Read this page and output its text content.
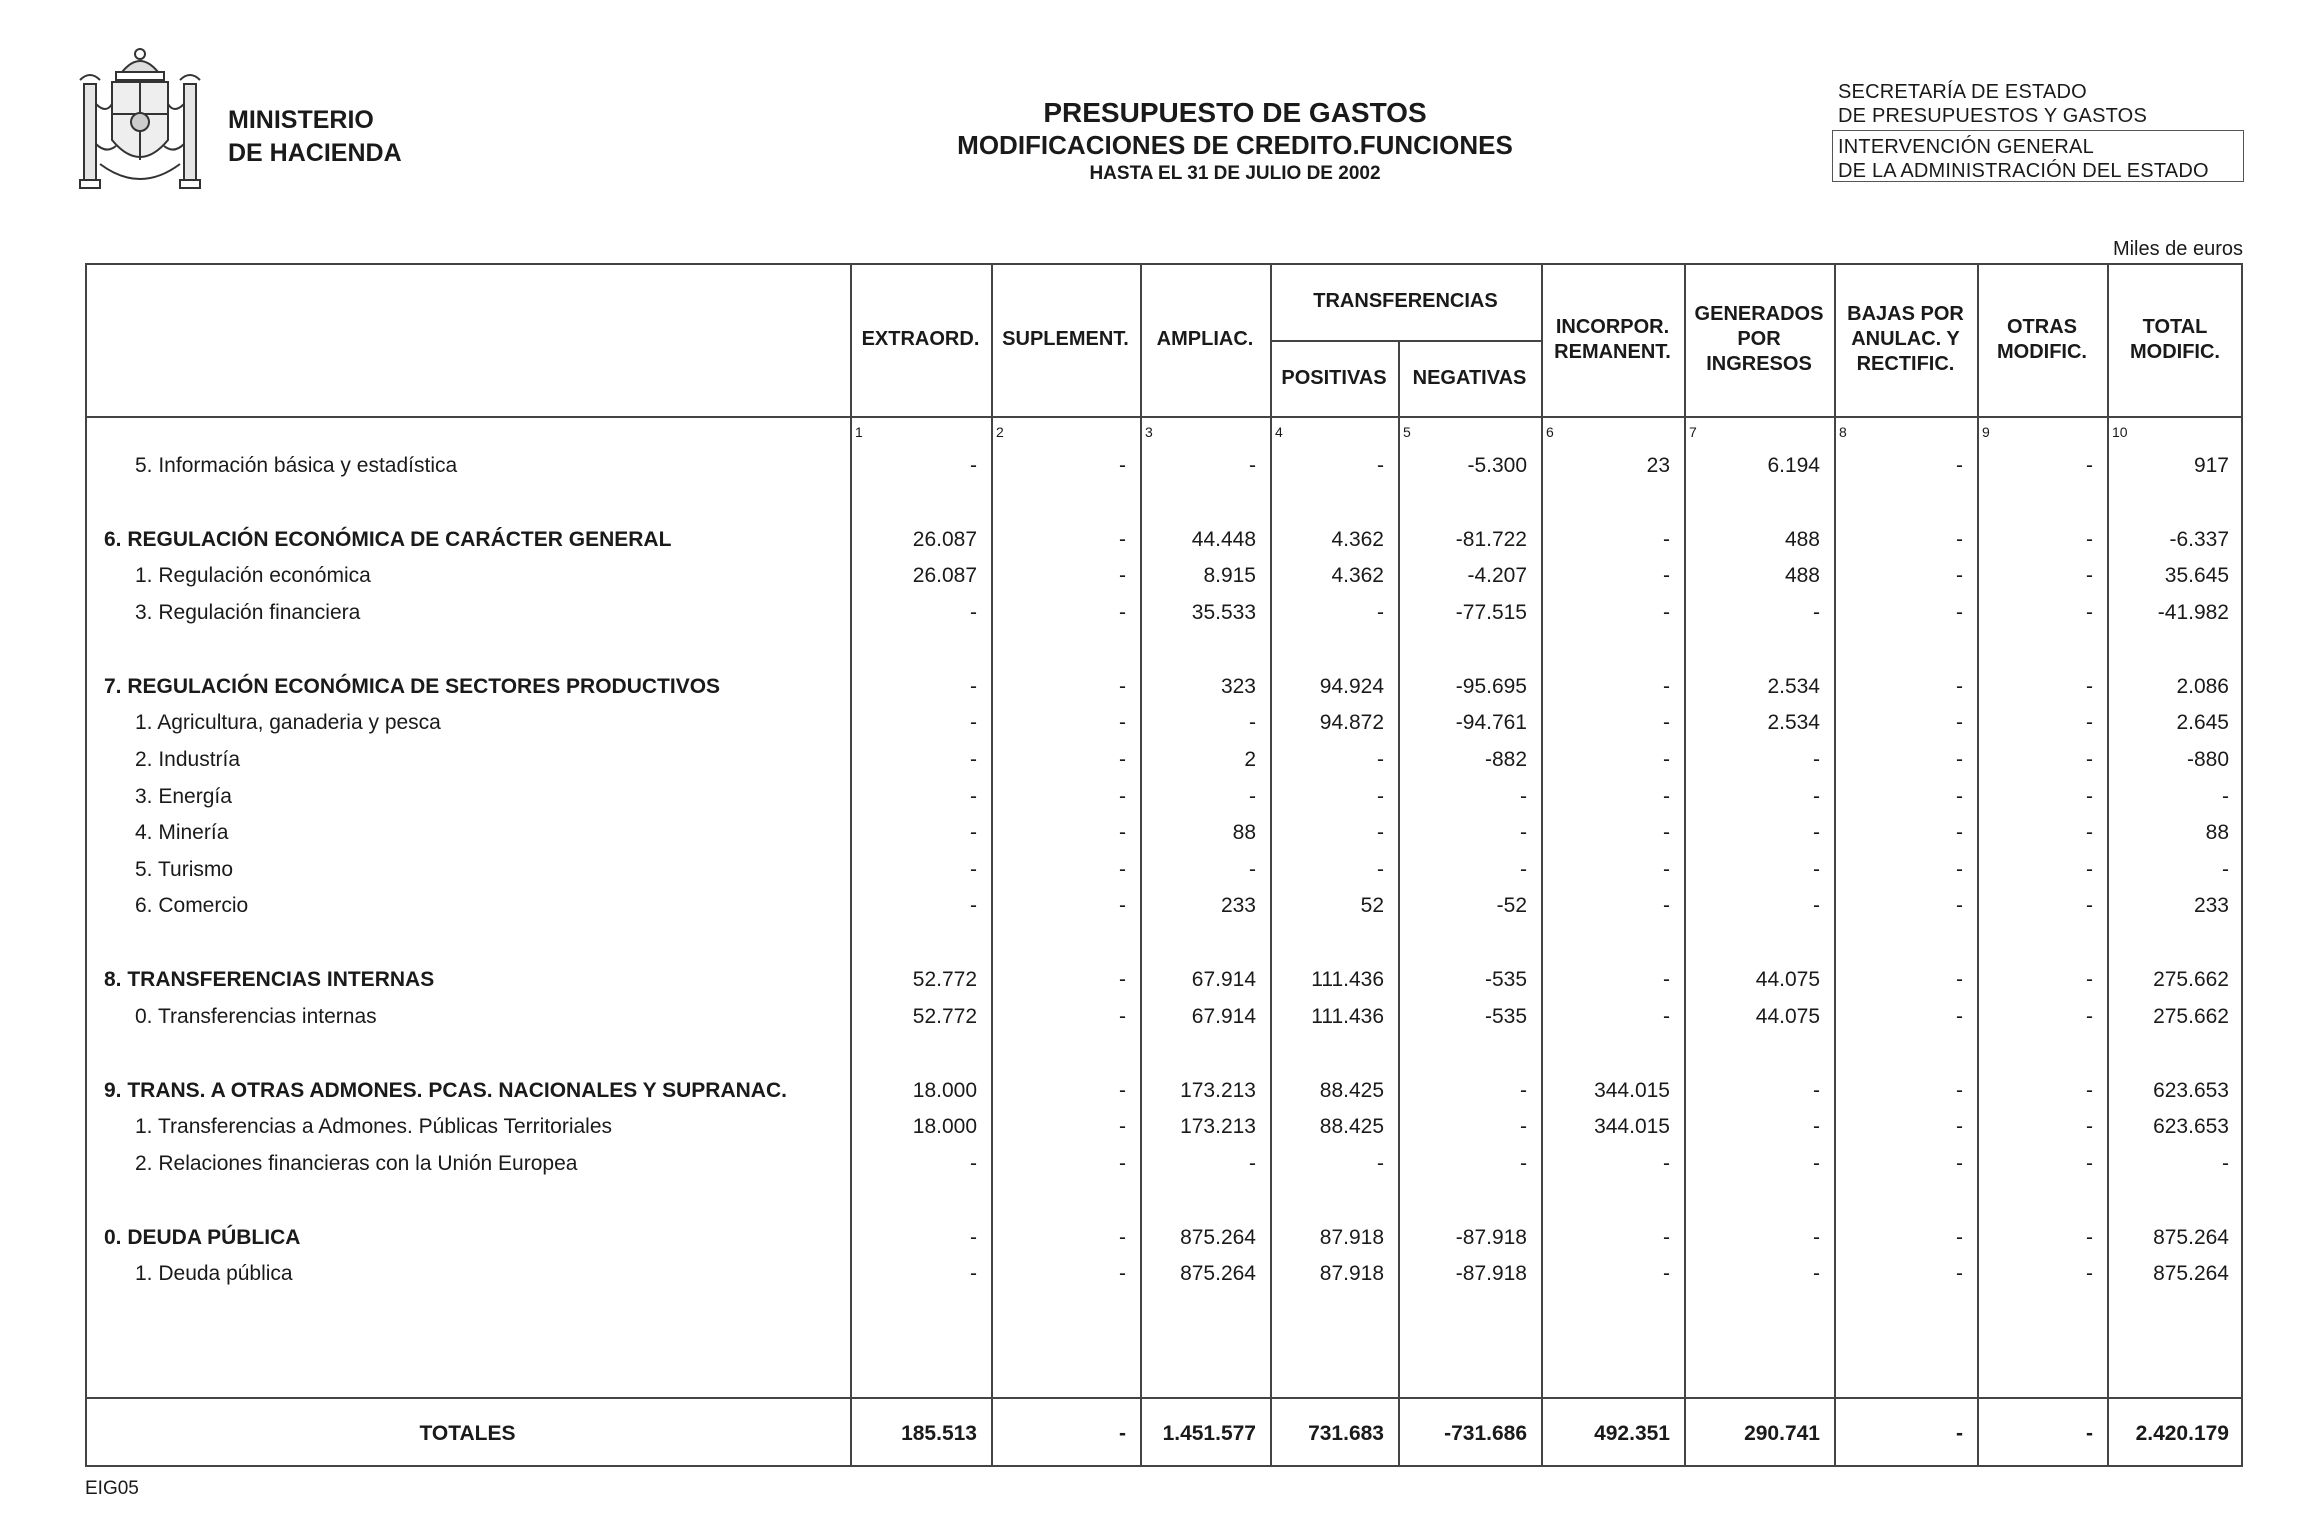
MINISTERIO
DE HACIENDA
PRESUPUESTO DE GASTOS
MODIFICACIONES DE CREDITO.FUNCIONES
HASTA EL 31 DE JULIO DE 2002
SECRETARÍA DE ESTADO
DE PRESUPUESTOS Y GASTOS
INTERVENCIÓN GENERAL
DE LA ADMINISTRACIÓN DEL ESTADO
Miles de euros
TRANSFERENCIAS
EXTRAORD.
1
SUPLEMENT.
2
AMPLIAC.
3
POSITIVAS
4
NEGATIVAS
5
INCORPOR.
REMANENT.
6
GENERADOS
POR
INGRESOS
7
BAJAS POR
ANULAC. Y
RECTIFIC.
8
OTRAS
MODIFIC.
9
TOTAL
MODIFIC.
10
5. Información básica y estadística	-	-	-	-	-5.300	23	6.194	-	-	917
6. REGULACIÓN ECONÓMICA DE CARÁCTER GENERAL	26.087	-	44.448	4.362	-81.722	-	488	-	-	-6.337
1. Regulación económica	26.087	-	8.915	4.362	-4.207	-	488	-	-	35.645
3. Regulación financiera	-	-	35.533	-	-77.515	-	-	-	-	-41.982
7. REGULACIÓN ECONÓMICA DE SECTORES PRODUCTIVOS	-	-	323	94.924	-95.695	-	2.534	-	-	2.086
1. Agricultura, ganaderia y pesca	-	-	-	94.872	-94.761	-	2.534	-	-	2.645
2. Industría	-	-	2	-	-882	-	-	-	-	-880
3. Energía	-	-	-	-	-	-	-	-	-	-
4. Minería	-	-	88	-	-	-	-	-	-	88
5. Turismo	-	-	-	-	-	-	-	-	-	-
6. Comercio	-	-	233	52	-52	-	-	-	-	233
8. TRANSFERENCIAS INTERNAS	52.772	-	67.914	111.436	-535	-	44.075	-	-	275.662
0. Transferencias internas	52.772	-	67.914	111.436	-535	-	44.075	-	-	275.662
9. TRANS. A OTRAS ADMONES. PCAS. NACIONALES Y SUPRANAC.	18.000	-	173.213	88.425	-	344.015	-	-	-	623.653
1. Transferencias a Admones. Públicas Territoriales	18.000	-	173.213	88.425	-	344.015	-	-	-	623.653
2. Relaciones financieras con la Unión Europea	-	-	-	-	-	-	-	-	-	-
0. DEUDA PÚBLICA	-	-	875.264	87.918	-87.918	-	-	-	-	875.264
1. Deuda pública	-	-	875.264	87.918	-87.918	-	-	-	-	875.264
TOTALES	185.513	-	1.451.577	731.683	-731.686	492.351	290.741	-	-	2.420.179
EIG05
